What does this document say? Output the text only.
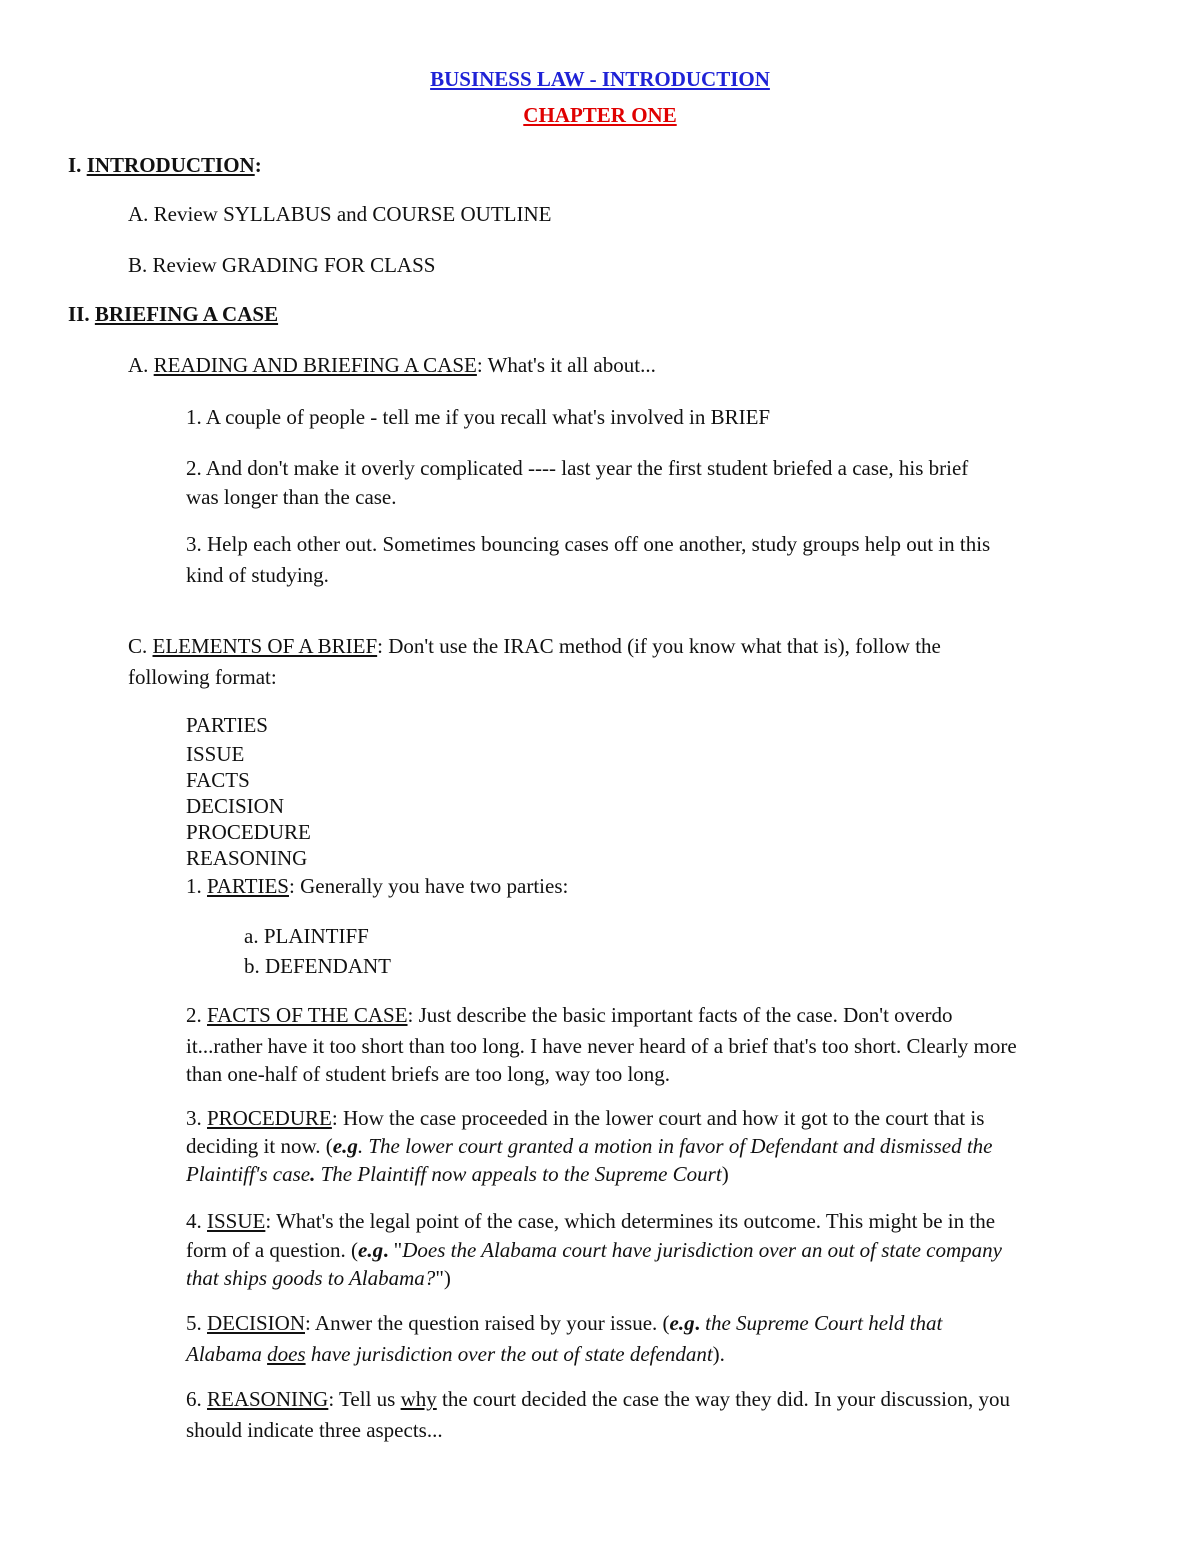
BUSINESS LAW - INTRODUCTION
CHAPTER ONE
I. INTRODUCTION:
A. Review SYLLABUS and COURSE OUTLINE
B. Review GRADING FOR CLASS
II. BRIEFING A CASE
A. READING AND BRIEFING A CASE: What's it all about...
1. A couple of people - tell me if you recall what's involved in BRIEF
2. And don't make it overly complicated ---- last year the first student briefed a case, his brief
was longer than the case.
3. Help each other out. Sometimes bouncing cases off one another, study groups help out in this
kind of studying.
C. ELEMENTS OF A BRIEF: Don't use the IRAC method (if you know what that is), follow the
following format:
PARTIES
ISSUE
FACTS
DECISION
PROCEDURE
REASONING
1. PARTIES: Generally you have two parties:
a. PLAINTIFF
b. DEFENDANT
2. FACTS OF THE CASE: Just describe the basic important facts of the case. Don't overdo
it...rather have it too short than too long. I have never heard of a brief that's too short. Clearly more
than one-half of student briefs are too long, way too long.
3. PROCEDURE: How the case proceeded in the lower court and how it got to the court that is
deciding it now. (e.g. The lower court granted a motion in favor of Defendant and dismissed the
Plaintiff's case. The Plaintiff now appeals to the Supreme Court)
4. ISSUE: What's the legal point of the case, which determines its outcome. This might be in the
form of a question. (e.g. "Does the Alabama court have jurisdiction over an out of state company
that ships goods to Alabama?")
5. DECISION: Anwer the question raised by your issue. (e.g. the Supreme Court held that
Alabama does have jurisdiction over the out of state defendant).
6. REASONING: Tell us why the court decided the case the way they did. In your discussion, you
should indicate three aspects...
